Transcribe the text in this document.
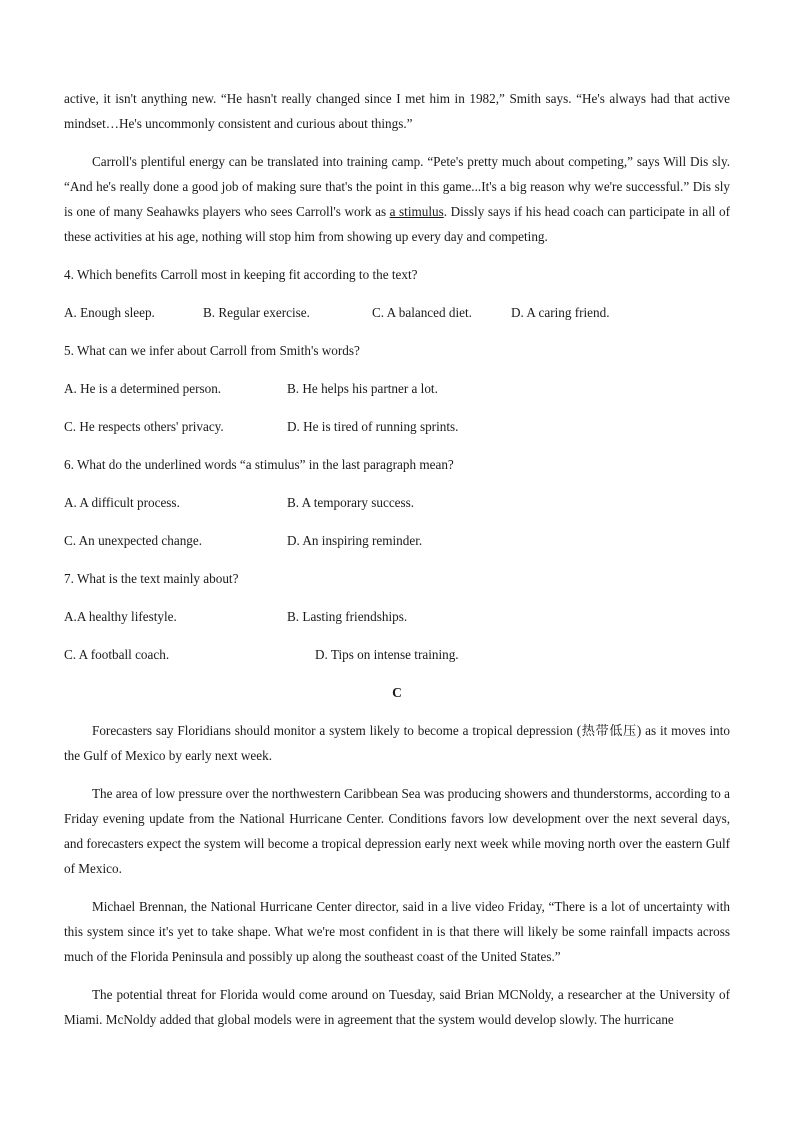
active, it isn't anything new. “He hasn't really changed since I met him in 1982,” Smith says. “He's always had that active mindset…He's uncommonly consistent and curious about things.”

Carroll's plentiful energy can be translated into training camp. “Pete's pretty much about competing,” says Will Dis sly. “And he's really done a good job of making sure that's the point in this game...It's a big reason why we're successful.” Dis sly is one of many Seahawks players who sees Carroll's work as a stimulus. Dissly says if his head coach can participate in all of these activities at his age, nothing will stop him from showing up every day and competing.

4. Which benefits Carroll most in keeping fit according to the text?

A. Enough sleep.	B. Regular exercise.	C. A balanced diet.	D. A caring friend.

5. What can we infer about Carroll from Smith's words?

A. He is a determined person.	B. He helps his partner a lot.
C. He respects others' privacy.	D. He is tired of running sprints.

6. What do the underlined words “a stimulus” in the last paragraph mean?

A. A difficult process.	B. A temporary success.
C. An unexpected change.	D. An inspiring reminder.

7. What is the text mainly about?

A.A healthy lifestyle.	B. Lasting friendships.
C. A football coach.	D. Tips on intense training.

C

Forecasters say Floridians should monitor a system likely to become a tropical depression (热带低压) as it moves into the Gulf of Mexico by early next week.

The area of low pressure over the northwestern Caribbean Sea was producing showers and thunderstorms, according to a Friday evening update from the National Hurricane Center. Conditions favors low development over the next several days, and forecasters expect the system will become a tropical depression early next week while moving north over the eastern Gulf of Mexico.

Michael Brennan, the National Hurricane Center director, said in a live video Friday, “There is a lot of uncertainty with this system since it's yet to take shape. What we're most confident in is that there will likely be some rainfall impacts across much of the Florida Peninsula and possibly up along the southeast coast of the United States.”

The potential threat for Florida would come around on Tuesday, said Brian MCNoldy, a researcher at the University of Miami. McNoldy added that global models were in agreement that the system would develop slowly. The hurricane
